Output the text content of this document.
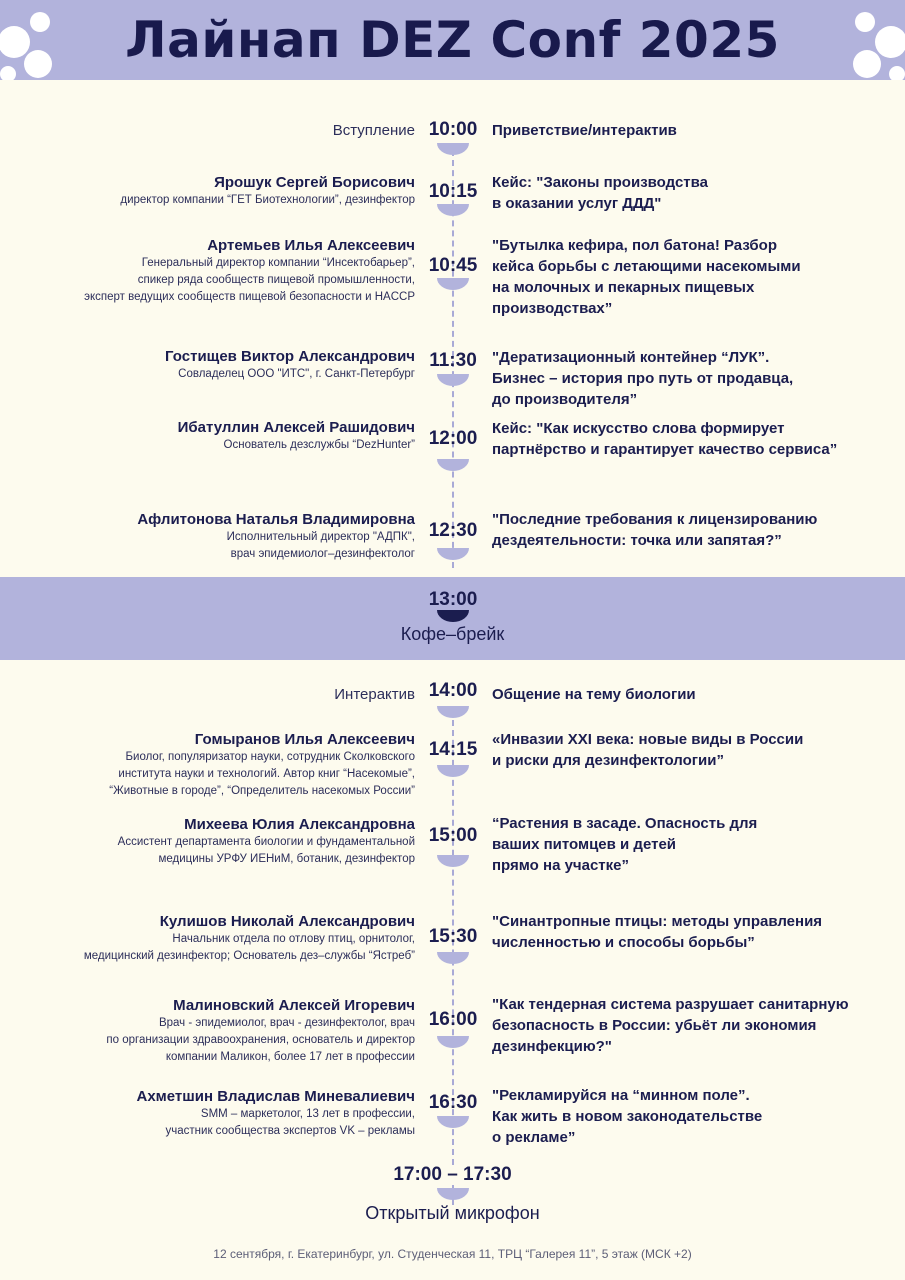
Лайнап DEZ Conf 2025
Вступление 10:00 Приветствие/интерактив
Ярошук Сергей Борисович
директор компании “ГЕТ Биотехнологии”, дезинфектор 10:15 Кейс: "Законы производства
в оказании услуг ДДД"
Артемьев Илья Алексеевич
Генеральный директор компании “Инсектобарьер”,
спикер ряда сообществ пищевой промышленности,
эксперт ведущих сообществ пищевой безопасности и HACCP
10:45
"Бутылка кефира, пол батона! Разбор
кейса борьбы с летающими насекомыми
на молочных и пекарных пищевых
производствах”
Гостищев Виктор Александрович
Совладелец ООО "ИТС", г. Санкт-Петербург
11:30	"Дератизационный контейнер “ЛУК”.
Бизнес – история про путь от продавца,
до производителя”
Ибатуллин Алексей Рашидович
Основатель дезслужбы “DezHunter” 12:00 Кейс: "Как искусство слова формирует
партнёрство и гарантирует качество сервиса”
Афлитонова Наталья Владимировна
Исполнительный директор "АДПК",
врач эпидемиолог–дезинфектолог
12:30
"Последние требования к лицензированию
дездеятельности: точка или запятая?”
13:00
Кофе–брейк
Интерактив 14:00 Общение на тему биологии
Гомыранов Илья Алексеевич
Биолог, популяризатор науки, сотрудник Сколковского
института науки и технологий. Автор книг “Насекомые”,
“Животные в городе”, “Определитель насекомых России”
14:15 «Инвазии XXI века: новые виды в России
и риски для дезинфектологии”
Михеева Юлия Александровна
Ассистент департамента биологии и фундаментальной
медицины УРФУ ИЕНиМ, ботаник, дезинфектор
15:00
“Растения в засаде. Опасность для
ваших питомцев и детей
прямо на участке”
Кулишов Николай Александрович
Начальник отдела по отлову птиц, орнитолог,
медицинский дезинфектор; Основатель дез–службы “Ястреб”
15:30
"Синантропные птицы: методы управления
численностью и способы борьбы”
Малиновский Алексей Игоревич
Врач - эпидемиолог, врач - дезинфектолог, врач
по организации здравоохранения, основатель и директор
компании Маликон, более 17 лет в профессии
16:00
"Как тендерная система разрушает санитарную
безопасность в России: убьёт ли экономия
дезинфекцию?"
Ахметшин Владислав Миневалиевич
SMM – маркетолог, 13 лет в профессии,
участник сообщества экспертов VK – рекламы
16:30 "Рекламируйся на “минном поле”.
Как жить в новом законодательстве
о рекламе”
17:00 – 17:30
Открытый микрофон
12 сентября, г. Екатеринбург, ул. Студенческая 11, ТРЦ “Галерея 11”, 5 этаж (МСК +2)
